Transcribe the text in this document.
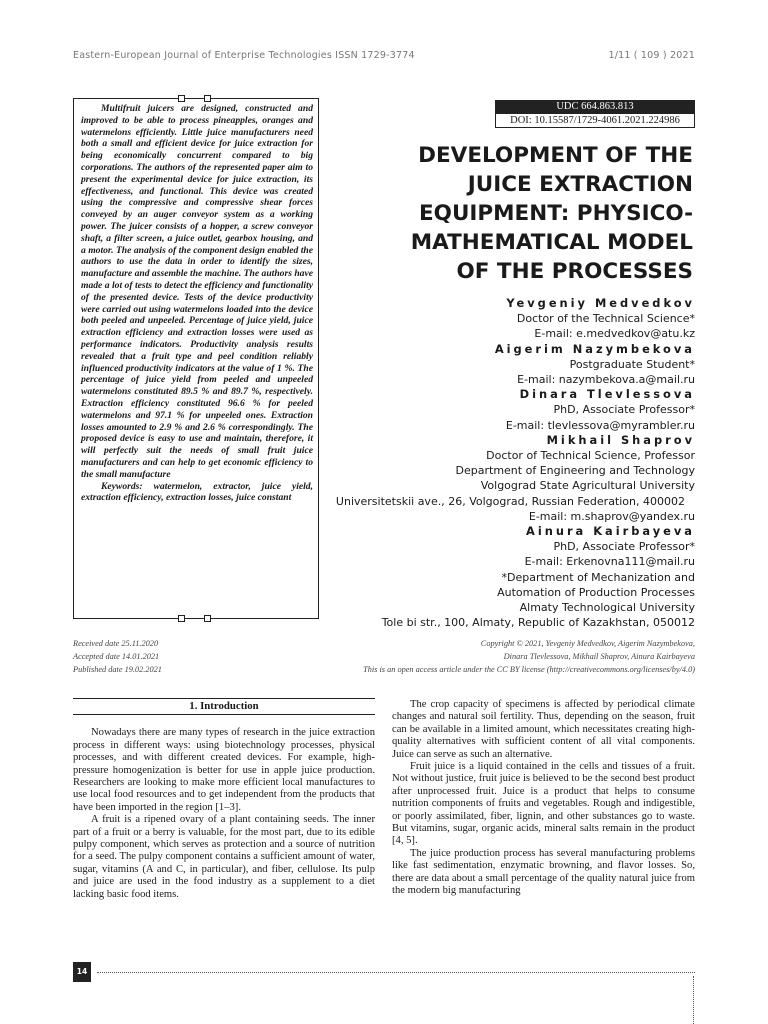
Eastern-European Journal of Enterprise Technologies ISSN 1729-3774	1/11 ( 109 ) 2021

Multifruit juicers are designed, constructed and improved to be able to process pineapples, oranges and watermelons efficiently. Little juice manufacturers need both a small and efficient device for juice extraction for being economically concurrent compared to big corporations. The authors of the represented paper aim to present the experimental device for juice extraction, its effectiveness, and functional. This device was created using the compressive and compressive shear forces conveyed by an auger conveyor system as a working power. The juicer consists of a hopper, a screw conveyor shaft, a filter screen, a juice outlet, gearbox housing, and a motor. The analysis of the component design enabled the authors to use the data in order to identify the sizes, manufacture and assemble the machine. The authors have made a lot of tests to detect the efficiency and functionality of the presented device. Tests of the device productivity were carried out using watermelons loaded into the device both peeled and unpeeled. Percentage of juice yield, juice extraction efficiency and extraction losses were used as performance indicators. Productivity analysis results revealed that a fruit type and peel condition reliably influenced productivity indicators at the value of 1 %. The percentage of juice yield from peeled and unpeeled watermelons constituted 89.5 % and 89.7 %, respectively. Extraction efficiency constituted 96.6 % for peeled watermelons and 97.1 % for unpeeled ones. Extraction losses amounted to 2.9 % and 2.6 % correspondingly. The proposed device is easy to use and maintain, therefore, it will perfectly suit the needs of small fruit juice manufacturers and can help to get economic efficiency to the small manufacture

Keywords: watermelon, extractor, juice yield, extraction efficiency, extraction losses, juice constant

UDC 664.863.813
DOI: 10.15587/1729-4061.2021.224986
DEVELOPMENT OF THE
JUICE EXTRACTION
EQUIPMENT: PHYSICO-
MATHEMATICAL MODEL
OF THE PROCESSES
Yevgeniy Medvedkov
Doctor of the Technical Science*
E-mail: e.medvedkov@atu.kz
Aigerim Nazymbekova
Postgraduate Student*
E-mail: nazymbekova.a@mail.ru
Dinara Tlevlessova
PhD, Associate Professor*
E-mail: tlevlessova@myrambler.ru
Mikhail Shaprov
Doctor of Technical Science, Professor
Department of Engineering and Technology
Volgograd State Agricultural University
Universitetskii ave., 26, Volgograd, Russian Federation, 400002
E-mail: m.shaprov@yandex.ru
Ainura Kairbayeva
PhD, Associate Professor*
E-mail: Erkenovna111@mail.ru
*Department of Mechanization and
Automation of Production Processes
Almaty Technological University
Tole bi str., 100, Almaty, Republic of Kazakhstan, 050012
Received date 25.11.2020
Accepted date 14.01.2021
Published date 19.02.2021
Copyright © 2021, Yevgeniy Medvedkov, Aigerim Nazymbekova,
Dinara Tlevlessova, Mikhail Shaprov, Ainura Kairbayeva
This is an open access article under the CC BY license (http://creativecommons.org/licenses/by/4.0)
1. Introduction

Nowadays there are many types of research in the juice extraction process in different ways: using biotechnology processes, physical processes, and with different created devices. For example, high-pressure homogenization is better for use in apple juice production. Researchers are looking to make more efficient local manufactures to use local food resources and to get independent from the products that have been imported in the region [1–3].

A fruit is a ripened ovary of a plant containing seeds. The inner part of a fruit or a berry is valuable, for the most part, due to its edible pulpy component, which serves as protection and a source of nutrition for a seed. The pulpy component contains a sufficient amount of water, sugar, vitamins (A and C, in particular), and fiber, cellulose. Its pulp and juice are used in the food industry as a supplement to a diet lacking basic food items.

The crop capacity of specimens is affected by periodical climate changes and natural soil fertility. Thus, depending on the season, fruit can be available in a limited amount, which necessitates creating high-quality alternatives with sufficient content of all vital components. Juice can serve as such an alternative.

Fruit juice is a liquid contained in the cells and tissues of a fruit. Not without justice, fruit juice is believed to be the second best product after unprocessed fruit. Juice is a product that helps to consume nutrition components of fruits and vegetables. Rough and indigestible, or poorly assimilated, fiber, lignin, and other substances go to waste. But vitamins, sugar, organic acids, mineral salts remain in the product [4, 5].

The juice production process has several manufacturing problems like fast sedimentation, enzymatic browning, and flavor losses. So, there are data about a small percentage of the quality natural juice from the modern big manufacturing

14
